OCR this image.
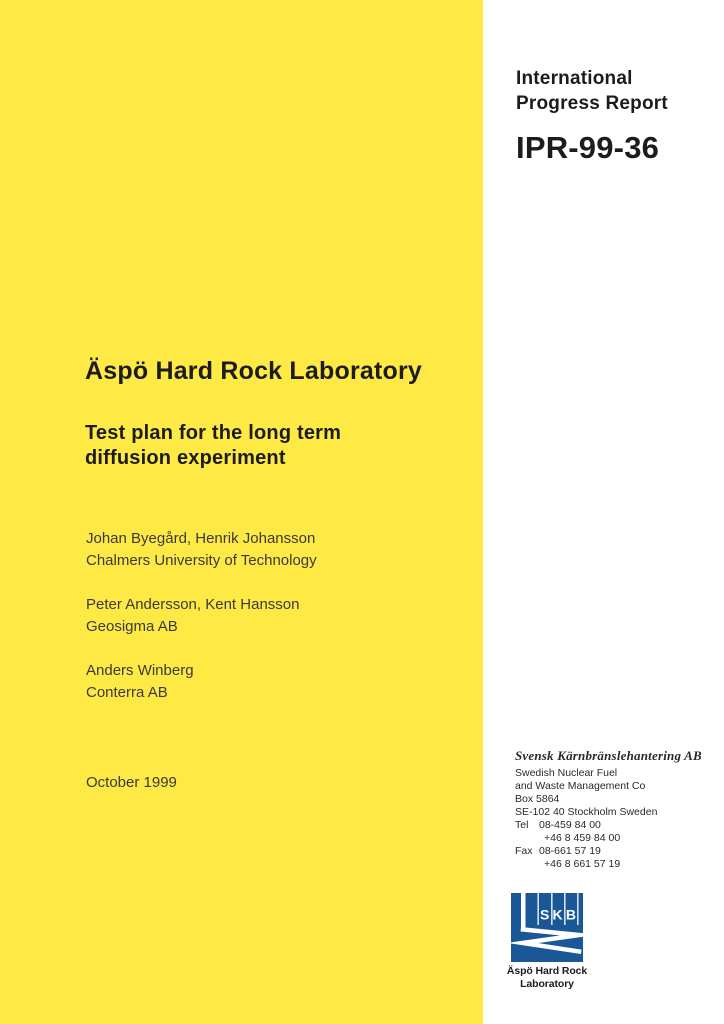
International
Progress Report
IPR-99-36
Äspö Hard Rock Laboratory
Test plan for the long term
diffusion experiment
Johan Byegård, Henrik Johansson
Chalmers University of Technology
Peter Andersson, Kent Hansson
Geosigma AB
Anders Winberg
Conterra AB
October 1999
Svensk Kärnbränslehantering AB
Swedish Nuclear Fuel
and Waste Management Co
Box 5864
SE-102 40 Stockholm Sweden
Tel	08-459 84 00
+46 8 459 84 00
Fax 08-661 57 19
+46 8 661 57 19
SKB
Äspö Hard Rock
Laboratory
